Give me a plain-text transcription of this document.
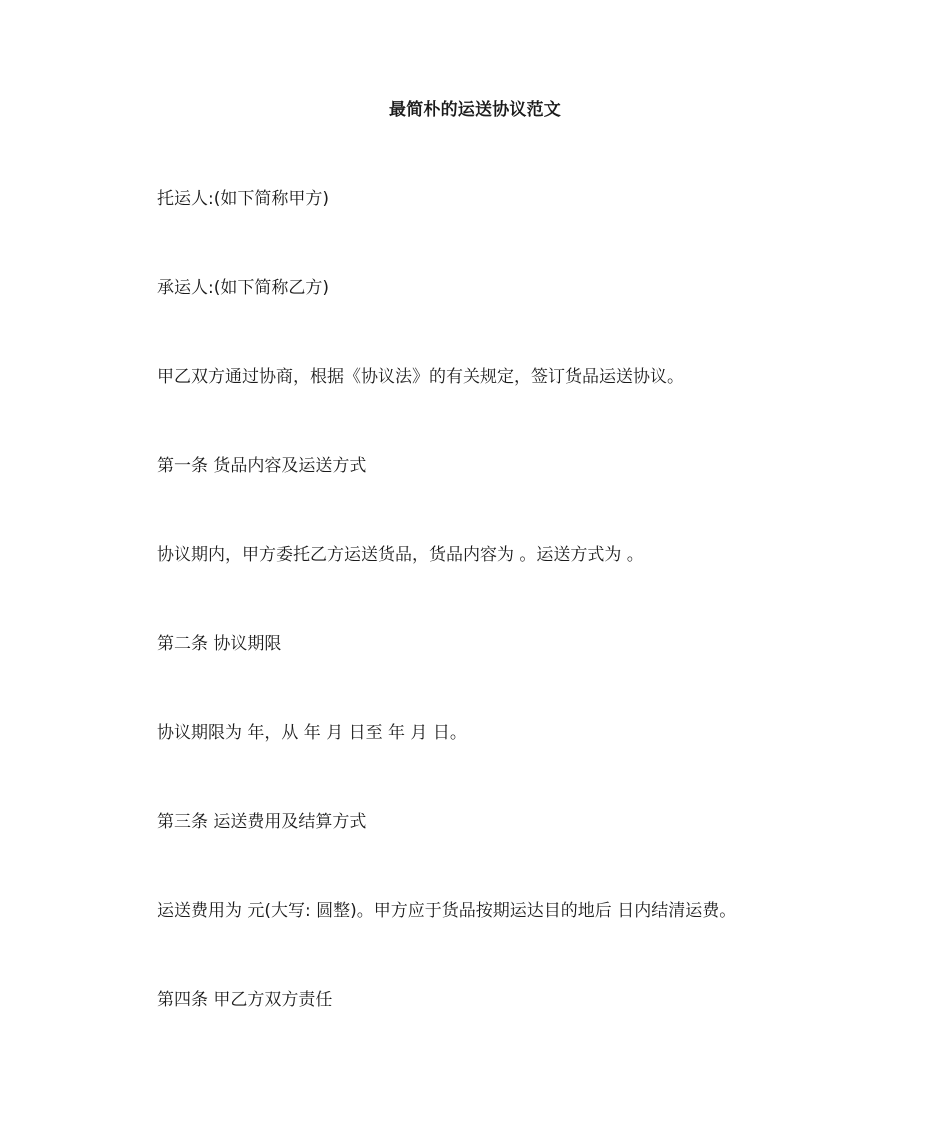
最简朴的运送协议范文
托运人:(如下简称甲方)
承运人:(如下简称乙方)
甲乙双方通过协商，根据《协议法》的有关规定，签订货品运送协议。
第一条 货品内容及运送方式
协议期内，甲方委托乙方运送货品，货品内容为 。运送方式为 。
第二条 协议期限
协议期限为 年，从 年 月 日至 年 月 日。
第三条 运送费用及结算方式
运送费用为 元(大写: 圆整)。甲方应于货品按期运达目的地后 日内结清运费。
第四条 甲乙方双方责任
